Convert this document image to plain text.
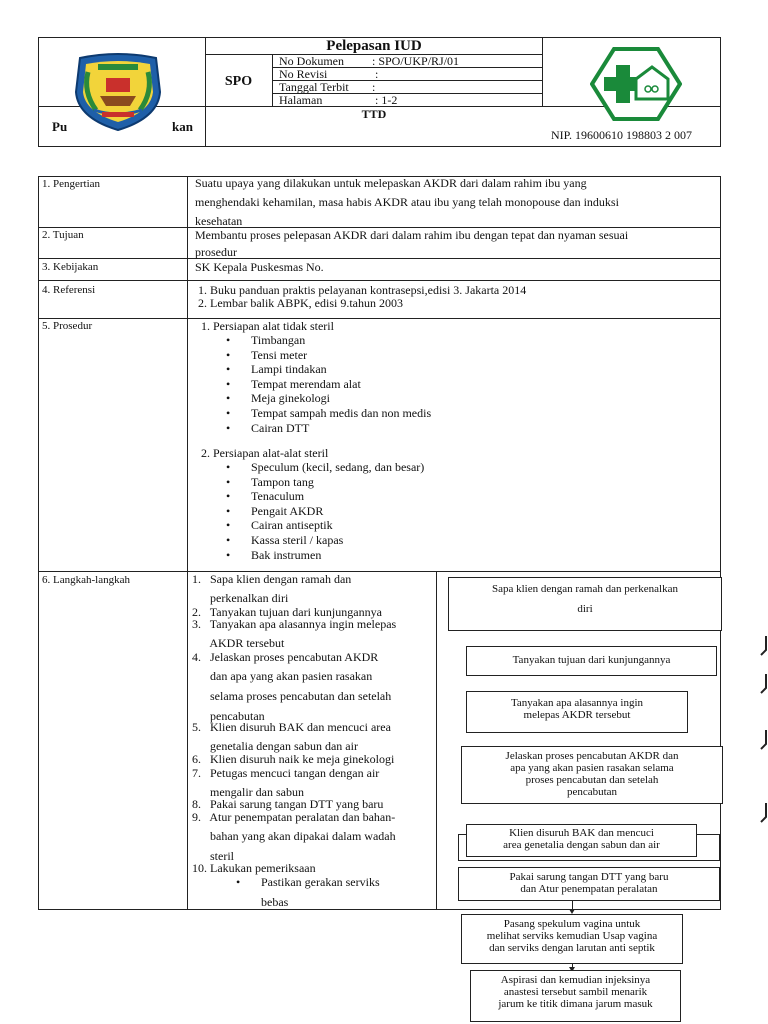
Pu	kan
Pelepasan IUD
SPO
No Dokumen : SPO/UKP/RJ/01
No Revisi	:
Tanggal Terbit :
Halaman	: 1-2
TTD
NIP. 19600610 198803 2 007
1. Pengertian	Suatu upaya yang dilakukan untuk melepaskan AKDR dari dalam rahim ibu yang
menghendaki kehamilan, masa habis AKDR atau ibu yang telah monopouse dan induksi
kesehatan
2. Tujuan	Membantu proses pelepasan AKDR dari dalam rahim ibu dengan tepat dan nyaman sesuai
prosedur
3. Kebijakan	SK Kepala Puskesmas No.
4. Referensi	1. Buku panduan praktis pelayanan kontrasepsi,edisi 3. Jakarta 2014
2. Lembar balik ABPK, edisi 9.tahun 2003
5. Prosedur	1. Persiapan alat tidak steril
• Timbangan
• Tensi meter
• Lampi tindakan
• Tempat merendam alat
• Meja ginekologi
• Tempat sampah medis dan non medis
• Cairan DTT
2. Persiapan alat-alat steril
• Speculum (kecil, sedang, dan besar)
• Tampon tang
• Tenaculum
• Pengait AKDR
• Cairan antiseptik
• Kassa steril / kapas
• Bak instrumen
6. Langkah-langkah	1.   Sapa klien dengan ramah dan
perkenalkan diri
2.   Tanyakan tujuan dari kunjungannya
3.   Tanyakan apa alasannya ingin melepas
AKDR tersebut
4.   Jelaskan proses pencabutan AKDR
dan apa yang akan pasien rasakan
selama proses pencabutan dan setelah
pencabutan
5.   Klien disuruh BAK dan mencuci area
genetalia dengan sabun dan air
6.   Klien disuruh naik ke meja ginekologi
7.   Petugas mencuci tangan dengan air
mengalir dan sabun
8.   Pakai sarung tangan DTT yang baru
9.   Atur penempatan peralatan dan bahan-
bahan yang akan dipakai dalam wadah
steril
10. Lakukan pemeriksaan
• Pastikan gerakan serviks
bebas
Sapa klien dengan ramah dan perkenalkan
diri
Tanyakan tujuan dari kunjungannya
Tanyakan apa alasannya ingin
melepas AKDR tersebut
Jelaskan proses pencabutan AKDR dan
apa yang akan pasien rasakan selama
proses pencabutan dan setelah
pencabutan
Klien disuruh BAK dan mencuci
area genetalia dengan sabun dan air
Pakai sarung tangan DTT yang baru
dan Atur penempatan peralatan
Pasang spekulum vagina untuk
melihat serviks kemudian Usap vagina
dan serviks dengan larutan anti septik
Aspirasi dan kemudian injeksinya
anastesi tersebut sambil menarik
jarum ke titik dimana jarum masuk
